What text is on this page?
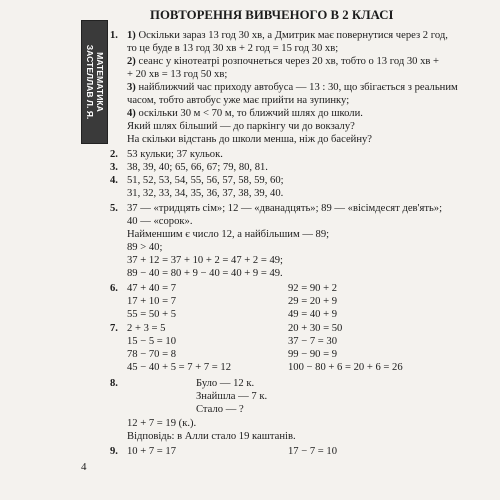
МАТЕМАТИКА
ЗАСТЕЛЛАВ Л. Я.
ПОВТОРЕННЯ ВИВЧЕНОГО В 2 КЛАСІ
1. 1) Оскільки зараз 13 год 30 хв, а Дмитрик має повернутися через 2 год,
то це буде в 13 год 30 хв + 2 год = 15 год 30 хв;
2) сеанс у кінотеатрі розпочнеться через 20 хв, тобто о 13 год 30 хв +
+ 20 хв = 13 год 50 хв;
3) найближчий час приходу автобуса — 13 : 30, що збігається з реальним
часом, тобто автобус уже має прийти на зупинку;
4) оскільки 30 м < 70 м, то ближчий шлях до школи.
Який шлях більший — до паркінгу чи до вокзалу?
На скільки відстань до школи менша, ніж до басейну?
2. 53 кульки; 37 кульок.
3. 38, 39, 40; 65, 66, 67; 79, 80, 81.
4. 51, 52, 53, 54, 55, 56, 57, 58, 59, 60;
31, 32, 33, 34, 35, 36, 37, 38, 39, 40.
5. 37 — «тридцять сім»; 12 — «дванадцять»; 89 — «вісімдесят дев'ять»;
40 — «сорок».
Найменшим є число 12, а найбільшим — 89;
89 > 40;
37 + 12 = 37 + 10 + 2 = 47 + 2 = 49;
89 − 40 = 80 + 9 − 40 = 40 + 9 = 49.
6. 47 + 40 = 7
17 + 10 = 7
55 = 50 + 5
92 = 90 + 2
29 = 20 + 9
49 = 40 + 9
7. 2 + 3 = 5
15 − 5 = 10
78 − 70 = 8
45 − 40 + 5 = 7 + 7 = 12
20 + 30 = 50
37 − 7 = 30
99 − 90 = 9
100 − 80 + 6 = 20 + 6 = 26
8.	Було — 12 к.
Знайшла — 7 к.
Стало — ?
12 + 7 = 19 (к.).
Відповідь: в Алли стало 19 каштанів.
9. 10 + 7 = 17	17 − 7 = 10
4
